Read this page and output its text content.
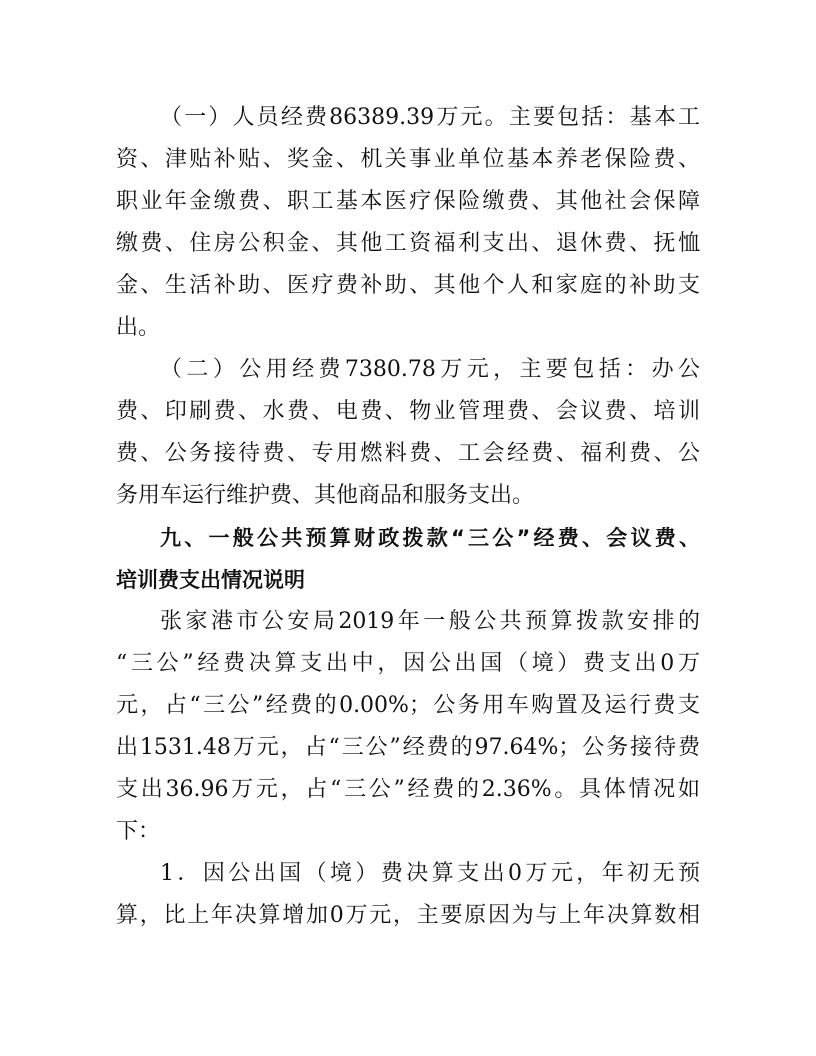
（一）人员经费86389.39万元。主要包括：基本工

资、津贴补贴、奖金、机关事业单位基本养老保险费、

职业年金缴费、职工基本医疗保险缴费、其他社会保障

缴费、住房公积金、其他工资福利支出、退休费、抚恤

金、生活补助、医疗费补助、其他个人和家庭的补助支

出。

（二）公用经费7380.78万元，主要包括：办公

费、印刷费、水费、电费、物业管理费、会议费、培训

费、公务接待费、专用燃料费、工会经费、福利费、公

务用车运行维护费、其他商品和服务支出。

九、一般公共预算财政拨款“三公”经费、会议费、

培训费支出情况说明

张家港市公安局2019年一般公共预算拨款安排的

“三公”经费决算支出中，因公出国（境）费支出0万

元，占“三公”经费的0.00%；公务用车购置及运行费支

出1531.48万元，占“三公”经费的97.64%；公务接待费

支出36.96万元，占“三公”经费的2.36%。具体情况如

下：

1．因公出国（境）费决算支出0万元，年初无预

算，比上年决算增加0万元，主要原因为与上年决算数相
